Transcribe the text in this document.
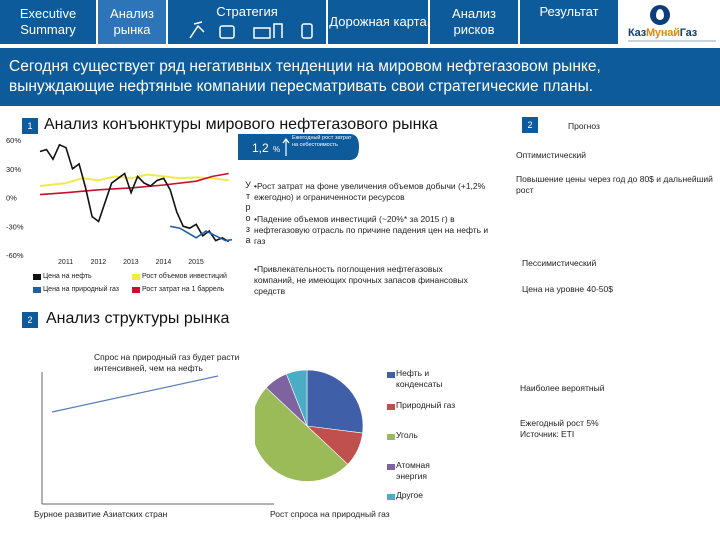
Executive Summary
Анализ рынка
Стратегия
Дорожная карта
Анализ рисков
Результат
КазМунайГаз
Сегодня существует ряд негативных тенденции на мировом нефтегазовом рынке, вынуждающие нефтяные компании пересматривать свои стратегические планы.
1 Анализ конъюнктуры мирового нефтегазового рынка
1,2 %
Ежегодный рост затрат на себестоимость
60%
30%
0%
-30%
-60%
2011 2012 2013 2014 2015
Цена на нефть	Рост объемов инвестиций
Цена на природный газ	Рост затрат на 1 баррель
У
т
р
о
з
а
•Рост затрат на фоне увеличения объемов добычи (+1,2% ежегодно) и ограниченности ресурсов
•Падение объемов инвестиций (~20%* за 2015 г) в нефтегазовую отрасль по причине падения цен на нефть и газ
•Привлекательность поглощения нефтегазовых компаний, не имеющих прочных запасов финансовых средств
2	Прогноз
Оптимистический
Повышение цены через год до 80$ и дальнейший рост
Пессимистический
Цена на уровне 40-50$
Наиболее вероятный
Ежегодный рост 5% Источник: ETI
2 Анализ структуры рынка
Спрос на природный газ будет расти интенсивней, чем на нефть	Нефть и конденсаты
Природный газ
Уголь
Атомная энергия
Другое
Бурное развитие Азиатских стран	Рост спроса на природный газ
